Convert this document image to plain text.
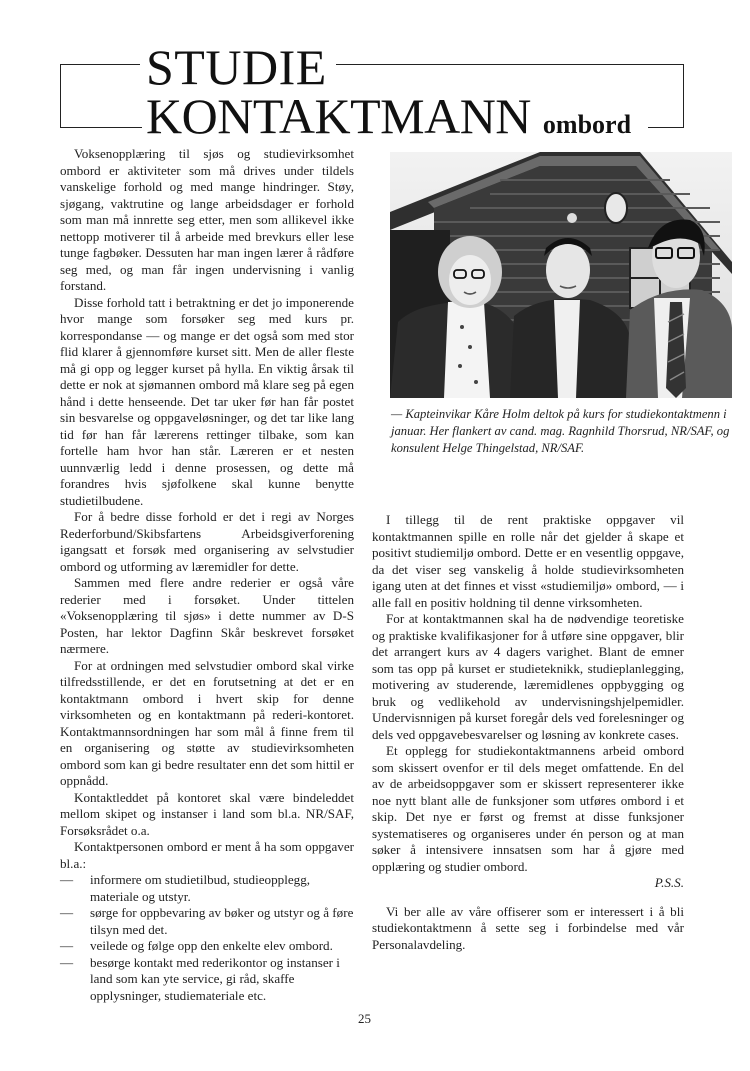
STUDIE
KONTAKTMANN ombord

Voksenopplæring til sjøs og studievirksomhet ombord er aktiviteter som må drives under tildels vanskelige forhold og med mange hindringer. Støy, sjøgang, vaktrutine og lange arbeidsdager er forhold som man må innrette seg etter, men som allikevel ikke nettopp motiverer til å arbeide med brevkurs eller lese tunge fagbøker. Dessuten har man ingen lærer å rådføre seg med, og man får ingen undervisning i vanlig forstand.

Disse forhold tatt i betraktning er det jo imponerende hvor mange som forsøker seg med kurs pr. korrespondanse — og mange er det også som med stor flid klarer å gjennomføre kurset sitt. Men de aller fleste må gi opp og legger kurset på hylla. En viktig årsak til dette er nok at sjømannen ombord må klare seg på egen hånd i dette henseende. Det tar uker før han får postet sin besvarelse og oppgaveløsninger, og det tar like lang tid før han får lærerens rettinger tilbake, som kan fortelle ham hvor han står. Læreren er et nesten uunnværlig ledd i denne prosessen, og dette må forandres hvis sjøfolkene skal kunne benytte studietilbudene.

For å bedre disse forhold er det i regi av Norges Rederforbund/Skibsfartens Arbeidsgiverforening igangsatt et forsøk med organisering av selvstudier ombord og utforming av læremidler for dette.

Sammen med flere andre rederier er også våre rederier med i forsøket. Under tittelen «Voksenopplæring til sjøs» i dette nummer av D-S Posten, har lektor Dagfinn Skår beskrevet forsøket nærmere.

For at ordningen med selvstudier ombord skal virke tilfredsstillende, er det en forutsetning at det er en kontaktmann ombord i hvert skip for denne virksomheten og en kontaktmann på rederi-kontoret. Kontaktmannsordningen har som mål å finne frem til en organisering og støtte av studievirksomheten ombord som kan gi bedre resultater enn det som hittil er oppnådd.

Kontaktleddet på kontoret skal være bindeleddet mellom skipet og instanser i land som bl.a. NR/SAF, Forsøksrådet o.a.

Kontaktpersonen ombord er ment å ha som oppgaver bl.a.:

— informere om studietilbud, studieopplegg, materiale og utstyr.
— sørge for oppbevaring av bøker og utstyr og å føre tilsyn med det.
— veilede og følge opp den enkelte elev ombord.
— besørge kontakt med rederikontor og instanser i land som kan yte service, gi råd, skaffe opplysninger, studiemateriale etc.
— Kapteinvikar Kåre Holm deltok på kurs for studiekontaktmenn i januar. Her flankert av cand. mag. Ragnhild Thorsrud, NR/SAF, og konsulent Helge Thingelstad, NR/SAF.

I tillegg til de rent praktiske oppgaver vil kontaktmannen spille en rolle når det gjelder å skape et positivt studiemiljø ombord. Dette er en vesentlig oppgave, da det viser seg vanskelig å holde studievirksomheten igang uten at det finnes et visst «studiemiljø» ombord, — i alle fall en positiv holdning til denne virksomheten.

For at kontaktmannen skal ha de nødvendige teoretiske og praktiske kvalifikasjoner for å utføre sine oppgaver, blir det arrangert kurs av 4 dagers varighet. Blant de emner som tas opp på kurset er studieteknikk, studieplanlegging, motivering av studerende, læremidlenes oppbygging og bruk og vedlikehold av undervisningshjelpemidler. Undervisnnigen på kurset foregår dels ved forelesninger og dels ved oppgavebesvarelser og løsning av konkrete cases.

Et opplegg for studiekontaktmannens arbeid ombord som skissert ovenfor er til dels meget omfattende. En del av de arbeidsoppgaver som er skissert representerer ikke noe nytt blant alle de funksjoner som utføres ombord i et skip. Det nye er først og fremst at disse funksjoner systematiseres og organiseres under én person og at man søker å intensivere innsatsen som har å gjøre med opplæring og studier ombord.

P.S.S.

Vi ber alle av våre offiserer som er interessert i å bli studiekontaktmenn å sette seg i forbindelse med vår Personalavdeling.

25
